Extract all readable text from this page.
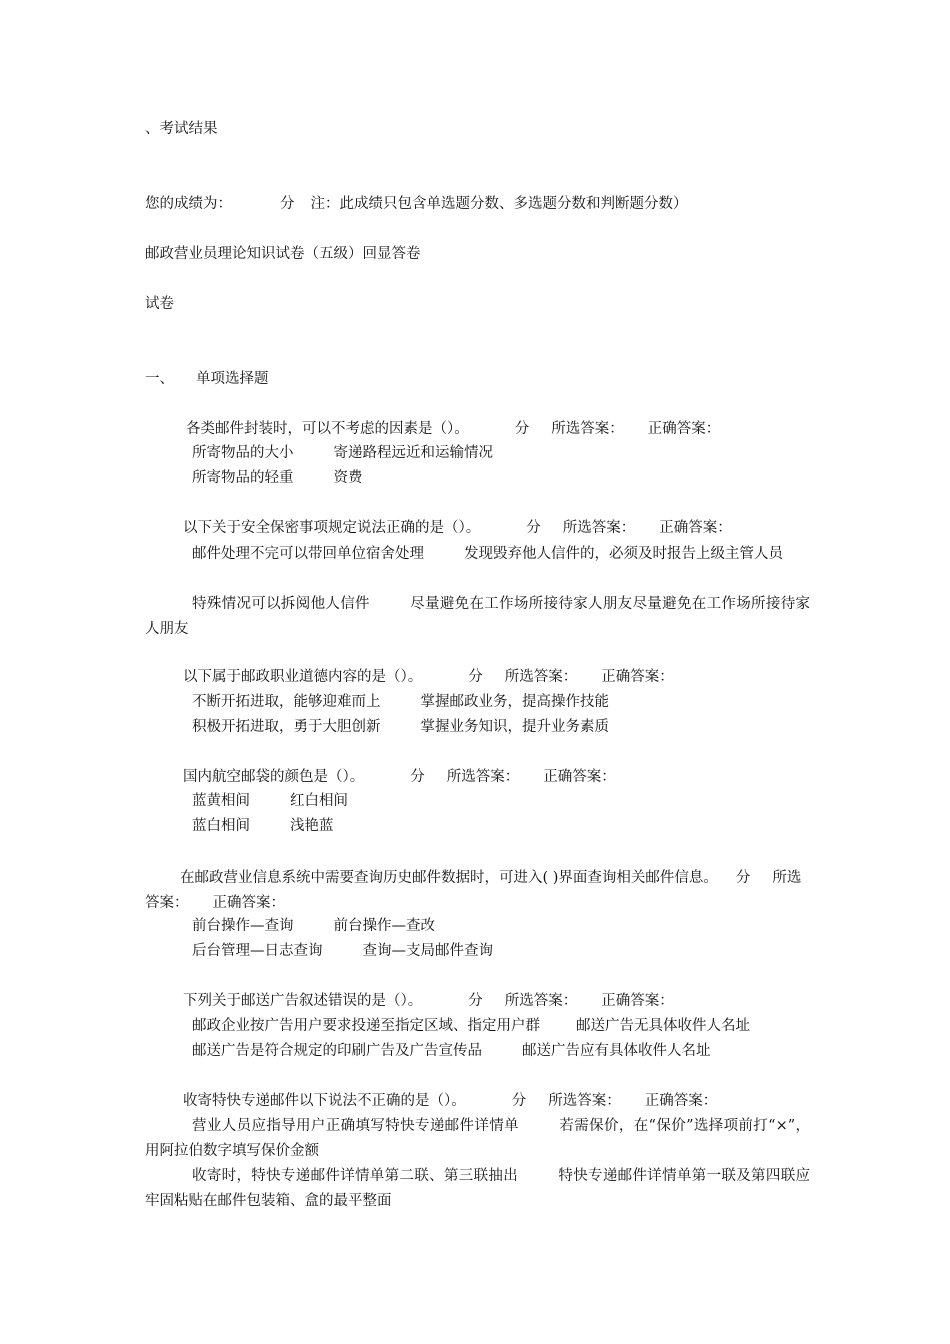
、考试结果
您的成绩为：	分 注：此成绩只包含单选题分数、多选题分数和判断题分数）
邮政营业员理论知识试卷（五级）回显答卷
试卷
一、 单项选择题
各类邮件封装时，可以不考虑的因素是（）。	分 所选答案： 正确答案：
所寄物品的大小	寄递路程远近和运输情况
所寄物品的轻重	资费
以下关于安全保密事项规定说法正确的是（）。	分 所选答案： 正确答案：
邮件处理不完可以带回单位宿舍处理	发现毁弃他人信件的，必须及时报告上级主管人员
特殊情况可以拆阅他人信件	尽量避免在工作场所接待家人朋友尽量避免在工作场所接待家人朋友
以下属于邮政职业道德内容的是（）。	分 所选答案： 正确答案：
不断开拓进取，能够迎难而上	掌握邮政业务，提高操作技能
积极开拓进取，勇于大胆创新	掌握业务知识，提升业务素质
国内航空邮袋的颜色是（）。	分 所选答案： 正确答案：
蓝黄相间	红白相间
蓝白相间	浅艳蓝
在邮政营业信息系统中需要查询历史邮件数据时，可进入( )界面查询相关邮件信息。 分 所选答案： 正确答案：
前台操作—查询	前台操作—查改
后台管理—日志查询	查询—支局邮件查询
下列关于邮送广告叙述错误的是（）。	分 所选答案： 正确答案：
邮政企业按广告用户要求投递至指定区域、指定用户群 邮送广告无具体收件人名址
邮送广告是符合规定的印刷广告及广告宣传品	邮送广告应有具体收件人名址
收寄特快专递邮件以下说法不正确的是（）。	分 所选答案： 正确答案：
营业人员应指导用户正确填写特快专递邮件详情单	若需保价，在“保价”选择项前打“×”，用阿拉伯数字填写保价金额
收寄时，特快专递邮件详情单第二联、第三联抽出	特快专递邮件详情单第一联及第四联应牢固粘贴在邮件包装箱、盒的最平整面
